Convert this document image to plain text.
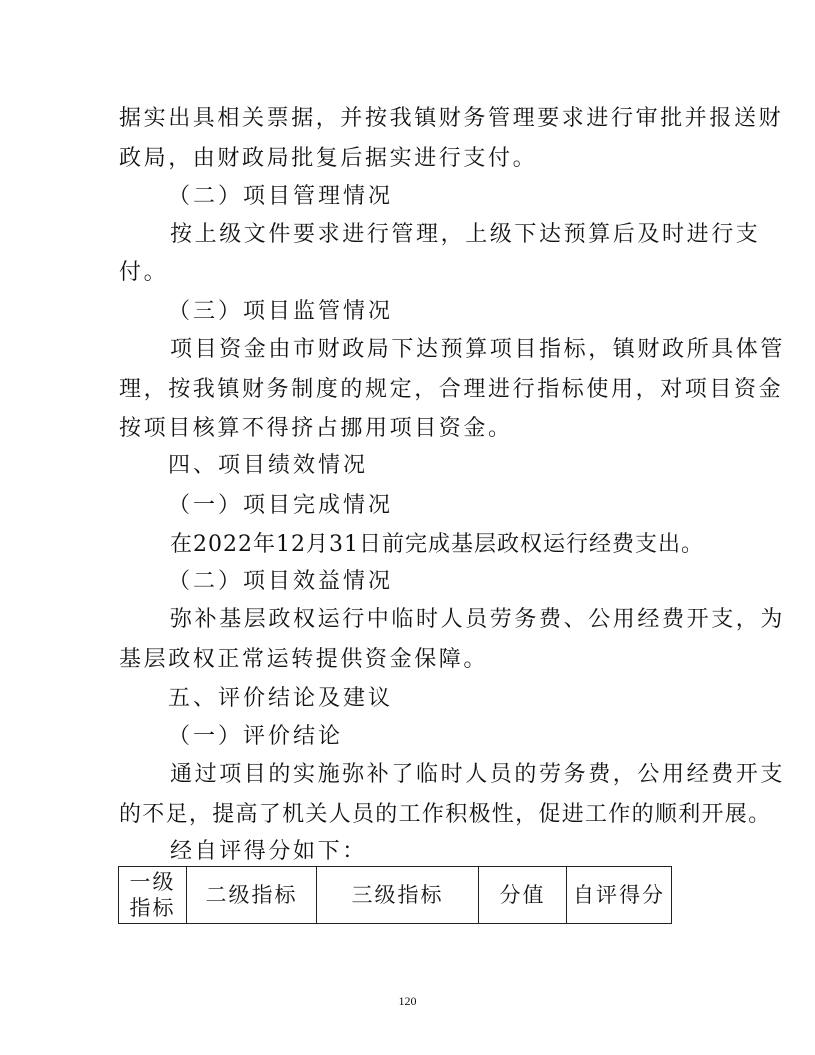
据实出具相关票据，并按我镇财务管理要求进行审批并报送财

政局，由财政局批复后据实进行支付。

（二）项目管理情况

按上级文件要求进行管理，上级下达预算后及时进行支

付。

（三）项目监管情况

项目资金由市财政局下达预算项目指标，镇财政所具体管

理，按我镇财务制度的规定，合理进行指标使用，对项目资金

按项目核算不得挤占挪用项目资金。

四、项目绩效情况

（一）项目完成情况

在2022年12月31日前完成基层政权运行经费支出。

（二）项目效益情况

弥补基层政权运行中临时人员劳务费、公用经费开支，为

基层政权正常运转提供资金保障。

五、评价结论及建议

（一）评价结论

通过项目的实施弥补了临时人员的劳务费，公用经费开支

的不足，提高了机关人员的工作积极性，促进工作的顺利开展。

经自评得分如下：

一级
指标
	二级指标	三级指标	分值	自评得分
120
